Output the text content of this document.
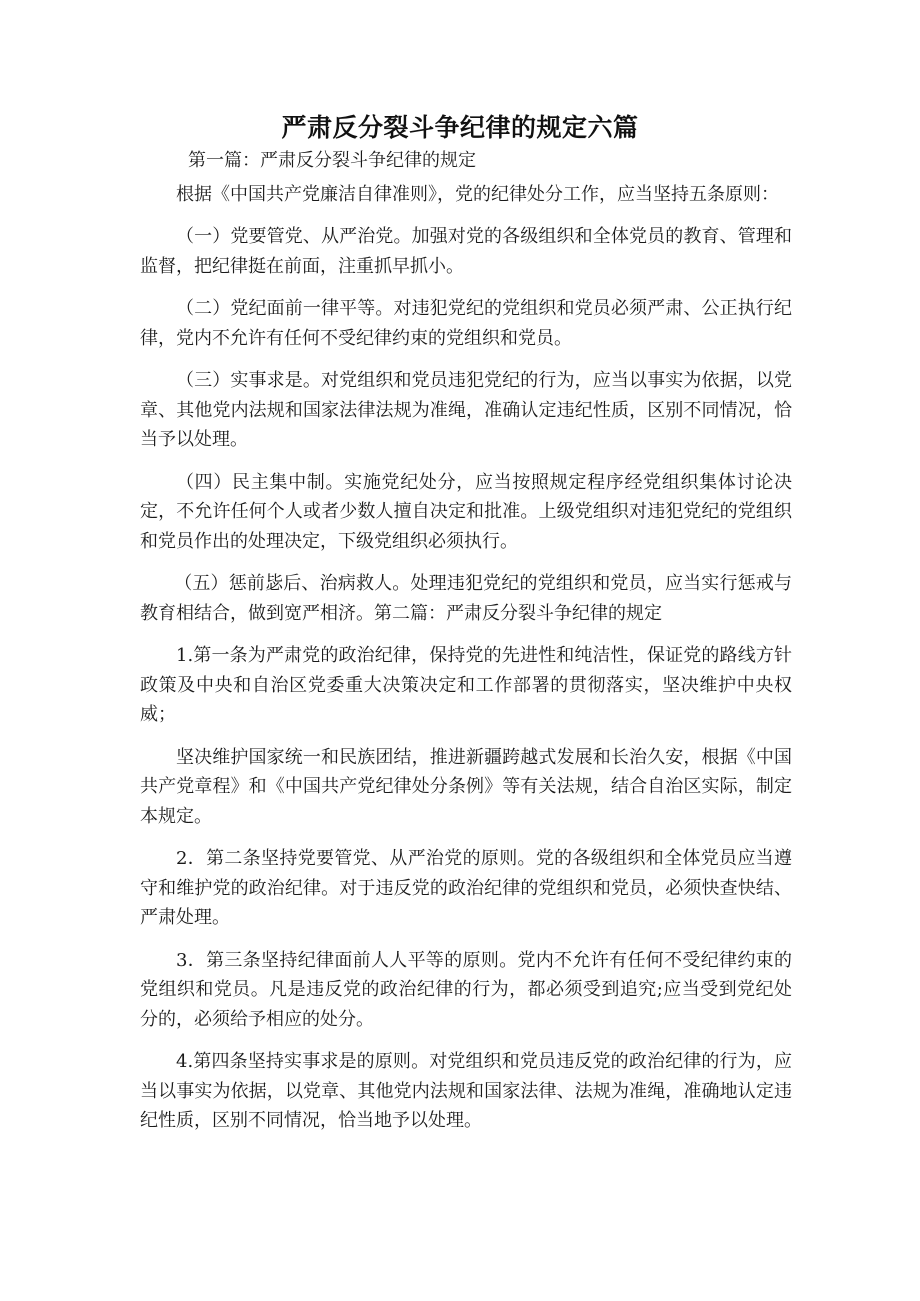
严肃反分裂斗争纪律的规定六篇

第一篇：严肃反分裂斗争纪律的规定

根据《中国共产党廉洁自律准则》，党的纪律处分工作，应当坚持五条原则：

（一）党要管党、从严治党。加强对党的各级组织和全体党员的教育、管理和监督，把纪律挺在前面，注重抓早抓小。

（二）党纪面前一律平等。对违犯党纪的党组织和党员必须严肃、公正执行纪律，党内不允许有任何不受纪律约束的党组织和党员。

（三）实事求是。对党组织和党员违犯党纪的行为，应当以事实为依据，以党章、其他党内法规和国家法律法规为准绳，准确认定违纪性质，区别不同情况，恰当予以处理。

（四）民主集中制。实施党纪处分，应当按照规定程序经党组织集体讨论决定，不允许任何个人或者少数人擅自决定和批准。上级党组织对违犯党纪的党组织和党员作出的处理决定，下级党组织必须执行。

（五）惩前毖后、治病救人。处理违犯党纪的党组织和党员，应当实行惩戒与教育相结合，做到宽严相济。第二篇：严肃反分裂斗争纪律的规定

1.第一条为严肃党的政治纪律，保持党的先进性和纯洁性，保证党的路线方针政策及中央和自治区党委重大决策决定和工作部署的贯彻落实，坚决维护中央权威；

坚决维护国家统一和民族团结，推进新疆跨越式发展和长治久安，根据《中国共产党章程》和《中国共产党纪律处分条例》等有关法规，结合自治区实际，制定本规定。

2．第二条坚持党要管党、从严治党的原则。党的各级组织和全体党员应当遵守和维护党的政治纪律。对于违反党的政治纪律的党组织和党员，必须快查快结、严肃处理。

3．第三条坚持纪律面前人人平等的原则。党内不允许有任何不受纪律约束的党组织和党员。凡是违反党的政治纪律的行为，都必须受到追究;应当受到党纪处分的，必须给予相应的处分。

4.第四条坚持实事求是的原则。对党组织和党员违反党的政治纪律的行为，应当以事实为依据，以党章、其他党内法规和国家法律、法规为准绳，准确地认定违纪性质，区别不同情况，恰当地予以处理。
